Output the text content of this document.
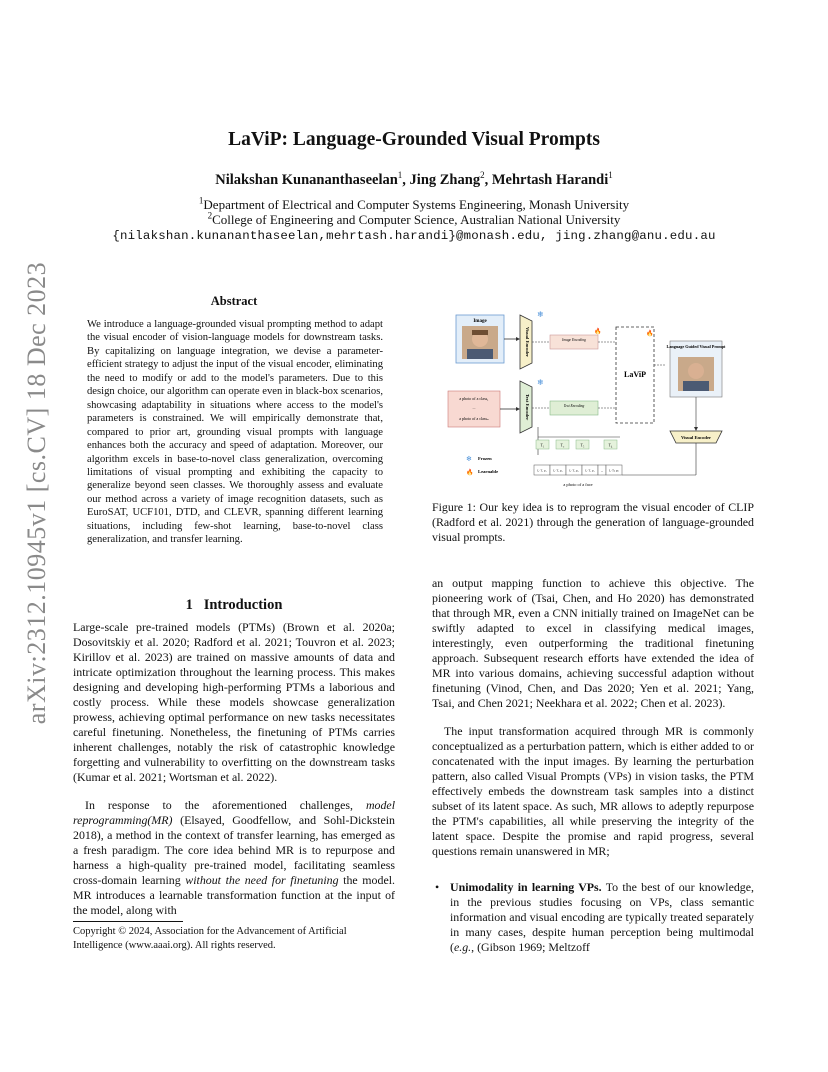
arXiv:2312.10945v1 [cs.CV] 18 Dec 2023
LaViP: Language-Grounded Visual Prompts
Nilakshan Kunananthaseelan$^1$, Jing Zhang$^2$, Mehrtash Harandi$^1$
$^1$Department of Electrical and Computer Systems Engineering, Monash University
$^2$College of Engineering and Computer Science, Australian National University
{nilakshan.kunananthaseelan,mehrtash.harandi}@monash.edu, jing.zhang@anu.edu.au
Abstract
We introduce a language-grounded visual prompting method to adapt the visual encoder of vision-language models for downstream tasks. By capitalizing on language integration, we devise a parameter-efficient strategy to adjust the input of the visual encoder, eliminating the need to modify or add to the model's parameters. Due to this design choice, our algorithm can operate even in black-box scenarios, showcasing adaptability in situations where access to the model's parameters is constrained. We will empirically demonstrate that, compared to prior art, grounding visual prompts with language enhances both the accuracy and speed of adaptation. Moreover, our algorithm excels in base-to-novel class generalization, overcoming limitations of visual prompting and exhibiting the capacity to generalize beyond seen classes. We thoroughly assess and evaluate our method across a variety of image recognition datasets, such as EuroSAT, UCF101, DTD, and CLEVR, spanning different learning situations, including few-shot learning, base-to-novel class generalization, and transfer learning.
1   Introduction
Large-scale pre-trained models (PTMs) (Brown et al. 2020a; Dosovitskiy et al. 2020; Radford et al. 2021; Touvron et al. 2023; Kirillov et al. 2023) are trained on massive amounts of data and intricate optimization throughout the learning process. This makes designing and developing high-performing PTMs a laborious and costly process. While these models showcase generalization prowess, achieving optimal performance on new tasks necessitates careful finetuning. Nonetheless, the finetuning of PTMs carries inherent challenges, notably the risk of catastrophic knowledge forgetting and vulnerability to overfitting on the downstream tasks (Kumar et al. 2021; Wortsman et al. 2022).
In response to the aforementioned challenges, model reprogramming(MR) (Elsayed, Goodfellow, and Sohl-Dickstein 2018), a method in the context of transfer learning, has emerged as a fresh paradigm. The core idea behind MR is to repurpose and harness a high-quality pre-trained model, facilitating seamless cross-domain learning without the need for finetuning the model. MR introduces a learnable transformation function at the input of the model, along with
Copyright © 2024, Association for the Advancement of Artificial Intelligence (www.aaai.org). All rights reserved.
Image
Visual Encoder
❄
Image Encoding
🔥
LaViP
🔥
Language Guided Visual Prompt
Visual Encoder
a photo of a class₁
...
a photo of a classₙ	Text Encoder
❄
Text Encoding
T₁	T₂	T₃	T₄
❄ Frozen
🔥 Learnable	I₁·T₁ p₁ I₁·T₂ p₂ I₁·T₃ p₃ I₁·T₄ p₄ ... I₁·Tₙ pₙ
a photo of a face
Figure 1: Our key idea is to reprogram the visual encoder of CLIP (Radford et al. 2021) through the generation of language-grounded visual prompts.
an output mapping function to achieve this objective. The pioneering work of (Tsai, Chen, and Ho 2020) has demonstrated that through MR, even a CNN initially trained on ImageNet can be swiftly adapted to excel in classifying medical images, interestingly, even outperforming the traditional finetuning approach. Subsequent research efforts have extended the idea of MR into various domains, achieving successful adaption without finetuning (Vinod, Chen, and Das 2020; Yen et al. 2021; Yang, Tsai, and Chen 2021; Neekhara et al. 2022; Chen et al. 2023).
The input transformation acquired through MR is commonly conceptualized as a perturbation pattern, which is either added to or concatenated with the input images. By learning the perturbation pattern, also called Visual Prompts (VPs) in vision tasks, the PTM effectively embeds the downstream task samples into a distinct subset of its latent space. As such, MR allows to adeptly repurpose the PTM's capabilities, all while preserving the integrity of the latent space. Despite the promise and rapid progress, several questions remain unanswered in MR;
• Unimodality in learning VPs. To the best of our knowledge, in the previous studies focusing on VPs, class semantic information and visual encoding are typically treated separately in many cases, despite human perception being multimodal (e.g., (Gibson 1969; Meltzoff
